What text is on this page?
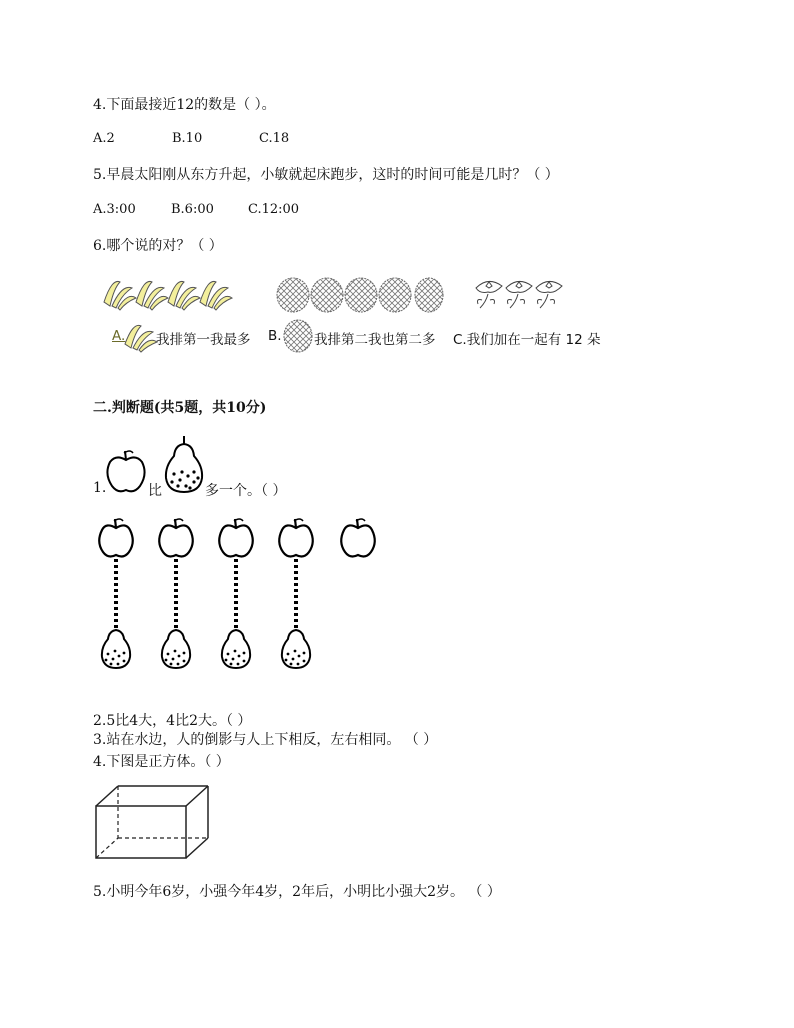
4.下面最接近12的数是（ ）。
A.2	B.10	C.18
5.早晨太阳刚从东方升起，小敏就起床跑步，这时的时间可能是几时？（ ）
A.3:00	B.6:00	C.12:00
6.哪个说的对？（ ）
A. 我排第一我最多 B. 我排第二我也第二多 C.我们加在一起有 12 朵
二.判断题(共5题，共10分)
1.	比	多一个。（ ）
2.5比4大，4比2大。（ ）
3.站在水边，人的倒影与人上下相反，左右相同。 （ ）
4.下图是正方体。（ ）
5.小明今年6岁，小强今年4岁，2年后，小明比小强大2岁。 （ ）
